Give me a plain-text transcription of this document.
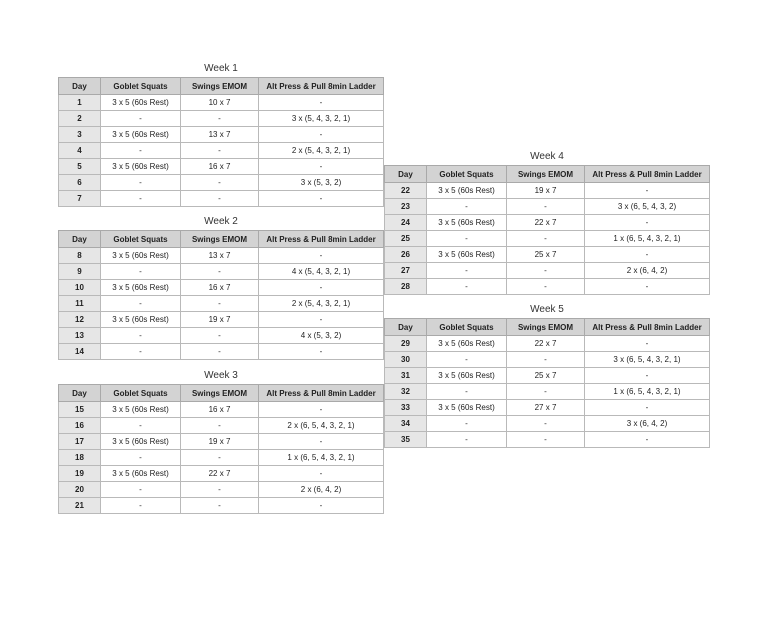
Week 1
Day	Goblet Squats	Swings EMOM	Alt Press & Pull 8min Ladder
1	3 x 5 (60s Rest)	10 x 7	-
2	-	-	3 x (5, 4, 3, 2, 1)
3	3 x 5 (60s Rest)	13 x 7	-
4	-	-	2 x (5, 4, 3, 2, 1)
5	3 x 5 (60s Rest)	16 x 7	-
6	-	-	3 x (5, 3, 2)
7	-	-	-
Week 2
Day	Goblet Squats	Swings EMOM	Alt Press & Pull 8min Ladder
8	3 x 5 (60s Rest)	13 x 7	-
9	-	-	4 x (5, 4, 3, 2, 1)
10	3 x 5 (60s Rest)	16 x 7	-
11	-	-	2 x (5, 4, 3, 2, 1)
12	3 x 5 (60s Rest)	19 x 7	-
13	-	-	4 x (5, 3, 2)
14	-	-	-
Week 3
Day	Goblet Squats	Swings EMOM	Alt Press & Pull 8min Ladder
15	3 x 5 (60s Rest)	16 x 7	-
16	-	-	2 x (6, 5, 4, 3, 2, 1)
17	3 x 5 (60s Rest)	19 x 7	-
18	-	-	1 x (6, 5, 4, 3, 2, 1)
19	3 x 5 (60s Rest)	22 x 7	-
20	-	-	2 x (6, 4, 2)
21	-	-	-
Week 4
Day	Goblet Squats	Swings EMOM	Alt Press & Pull 8min Ladder
22	3 x 5 (60s Rest)	19 x 7	-
23	-	-	3 x (6, 5, 4, 3, 2)
24	3 x 5 (60s Rest)	22 x 7	-
25	-	-	1 x (6, 5, 4, 3, 2, 1)
26	3 x 5 (60s Rest)	25 x 7	-
27	-	-	2 x (6, 4, 2)
28	-	-	-
Week 5
Day	Goblet Squats	Swings EMOM	Alt Press & Pull 8min Ladder
29	3 x 5 (60s Rest)	22 x 7	-
30	-	-	3 x (6, 5, 4, 3, 2, 1)
31	3 x 5 (60s Rest)	25 x 7	-
32	-	-	1 x (6, 5, 4, 3, 2, 1)
33	3 x 5 (60s Rest)	27 x 7	-
34	-	-	3 x (6, 4, 2)
35	-	-	-
